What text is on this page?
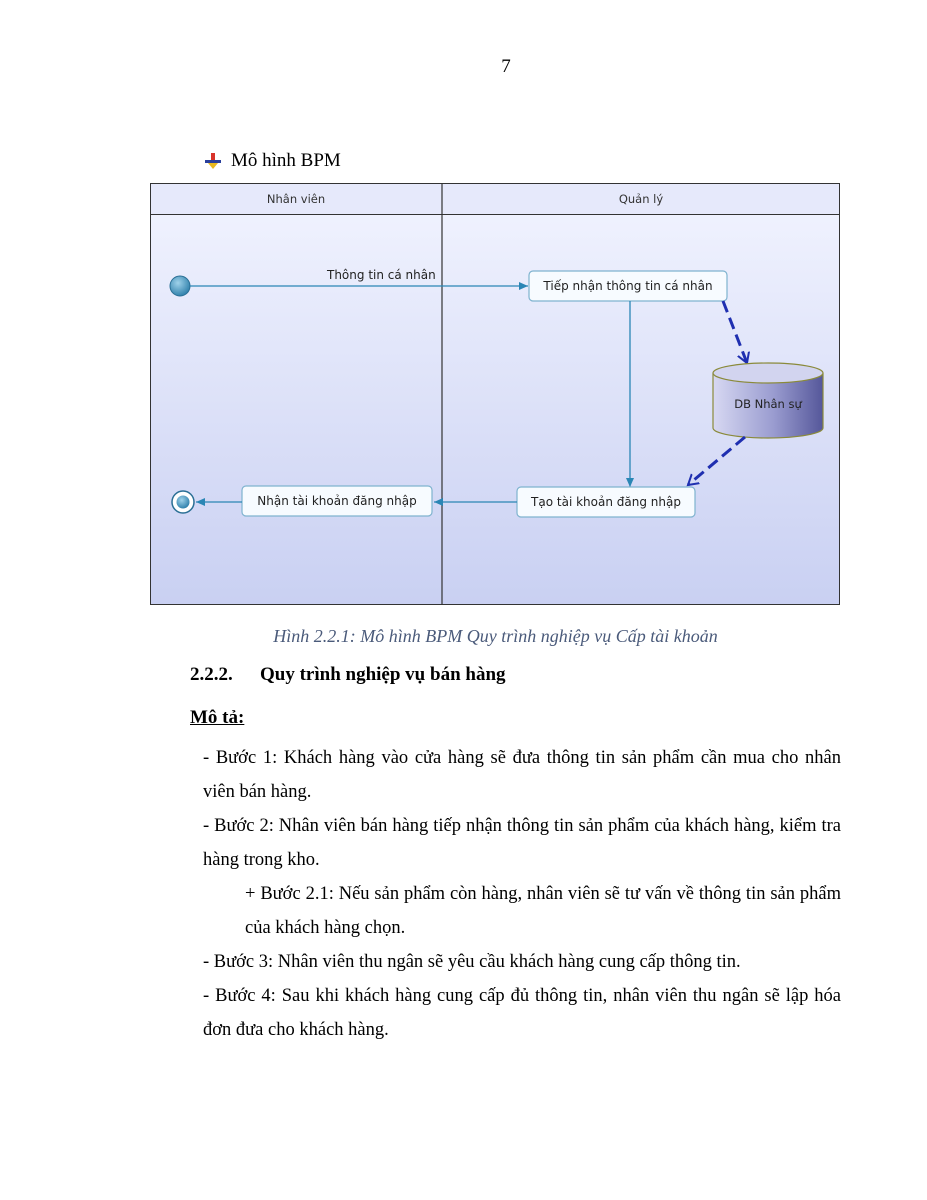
7
Mô hình BPM
Nhân viên	Quản lý
Thông tin cá nhân
Tiếp nhận thông tin cá nhân
DB Nhân sự
Tạo tài khoản đăng nhập
Nhận tài khoản đăng nhập
Hình 2.2.1: Mô hình BPM Quy trình nghiệp vụ Cấp tài khoản
2.2.2.	Quy trình nghiệp vụ bán hàng
Mô tả:
- Bước 1: Khách hàng vào cửa hàng sẽ đưa thông tin sản phẩm cần mua cho nhân viên bán hàng.
- Bước 2: Nhân viên bán hàng tiếp nhận thông tin sản phẩm của khách hàng, kiểm tra hàng trong kho.
+ Bước 2.1: Nếu sản phẩm còn hàng, nhân viên sẽ tư vấn về thông tin sản phẩm của khách hàng chọn.
- Bước 3: Nhân viên thu ngân sẽ yêu cầu khách hàng cung cấp thông tin.
- Bước 4: Sau khi khách hàng cung cấp đủ thông tin, nhân viên thu ngân sẽ lập hóa đơn đưa cho khách hàng.
